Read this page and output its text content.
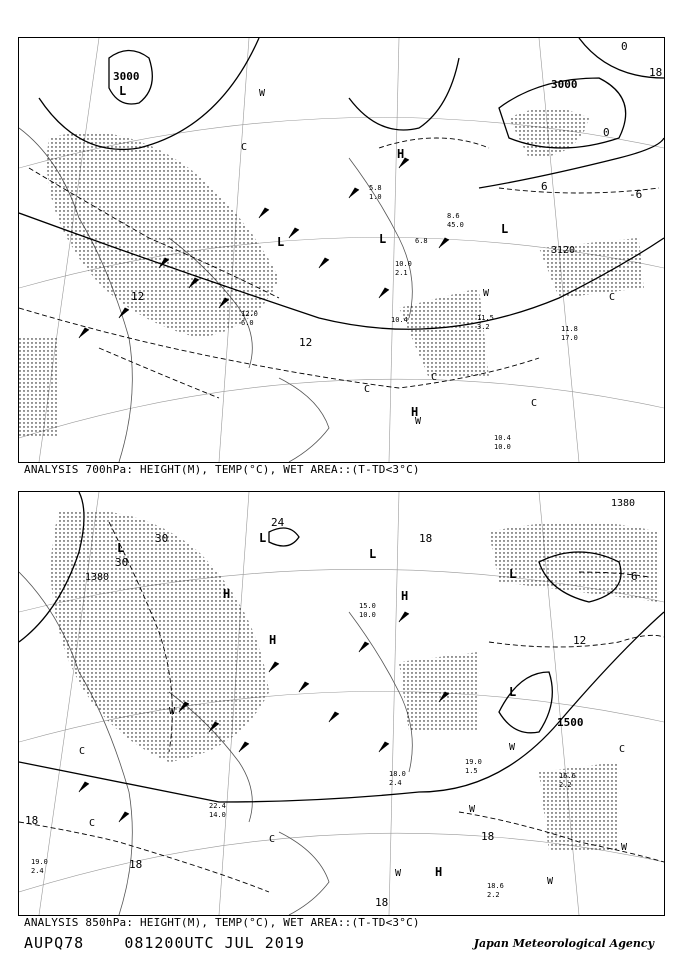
3000
3000
3120
12
12
0
0
6
-6
18
L
L	L
L
H
H
C
C
C
C
C
W
W
W
10.4
10.0
11.8
17.0
10.4	11.5
3.2
12.0
6.0
10.0
2.1
8.6
45.0
6.8
5.8
1.0
ANALYSIS 700hPa: HEIGHT(M), TEMP(°C), WET AREA::(T-TD<3°C)
1380
1380
1500
30
30
24
18
18
18
18
18
12
6
L
L
L
L
L
H
H
H
H
C
C
C
C
W
W
W
W
W
W
19.0
1.5
18.0
2.4
22.4
14.0
18.6
2.2
19.0
2.4
15.0
10.0
16.6
2.2
ANALYSIS 850hPa: HEIGHT(M), TEMP(°C), WET AREA::(T-TD<3°C)
AUPQ78	081200UTC JUL 2019	Japan Meteorological Agency
